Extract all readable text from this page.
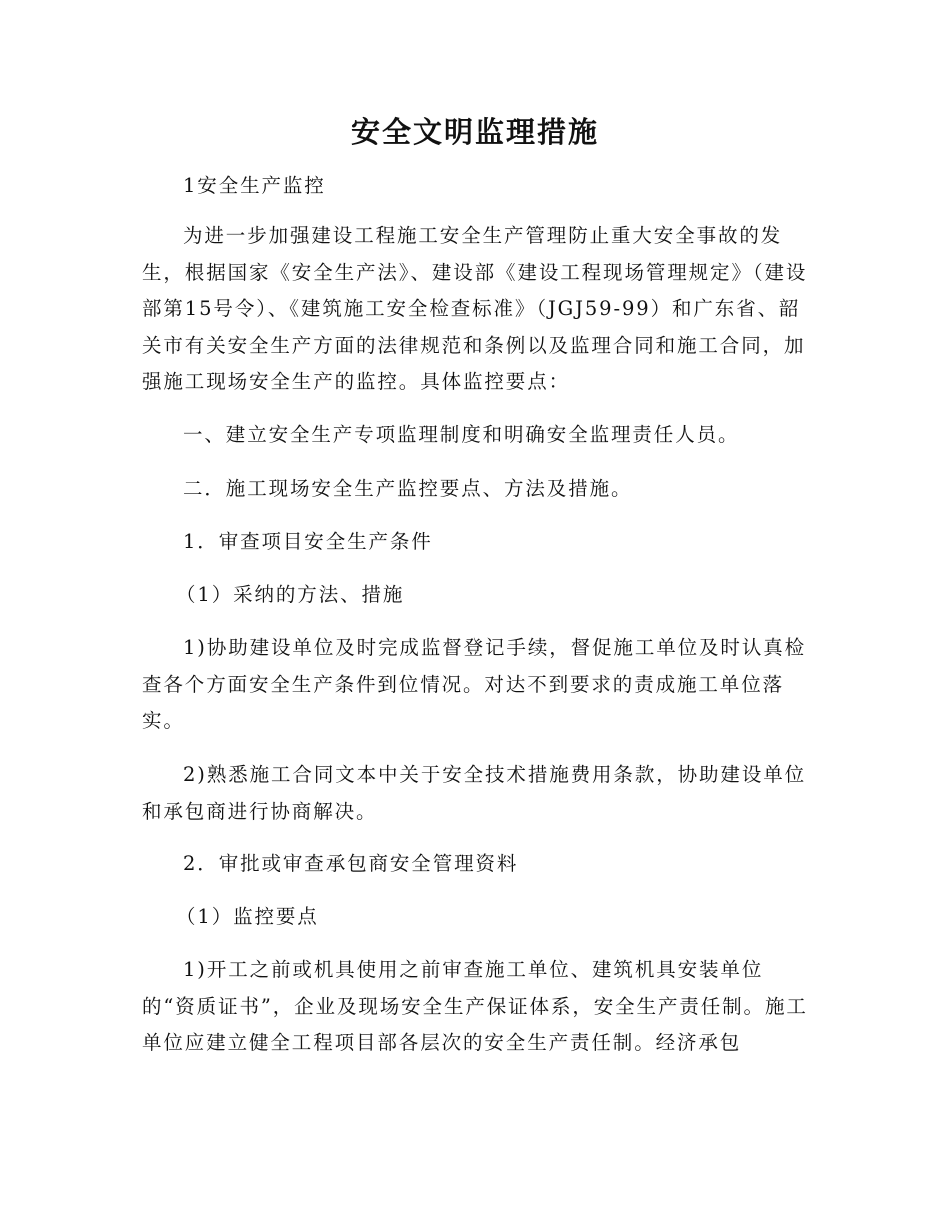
安全文明监理措施

1安全生产监控

为进一步加强建设工程施工安全生产管理防止重大安全事故的发生，根据国家《安全生产法》、建设部《建设工程现场管理规定》（建设部第15号令）、《建筑施工安全检查标准》（JGJ59-99）和广东省、韶关市有关安全生产方面的法律规范和条例以及监理合同和施工合同，加强施工现场安全生产的监控。具体监控要点：

一、建立安全生产专项监理制度和明确安全监理责任人员。

二．施工现场安全生产监控要点、方法及措施。

1．审查项目安全生产条件

（1）采纳的方法、措施

1)协助建设单位及时完成监督登记手续，督促施工单位及时认真检查各个方面安全生产条件到位情况。对达不到要求的责成施工单位落实。

2)熟悉施工合同文本中关于安全技术措施费用条款，协助建设单位和承包商进行协商解决。

2．审批或审查承包商安全管理资料

（1）监控要点

1)开工之前或机具使用之前审查施工单位、建筑机具安装单位的“资质证书”，企业及现场安全生产保证体系，安全生产责任制。施工单位应建立健全工程项目部各层次的安全生产责任制。经济承包
